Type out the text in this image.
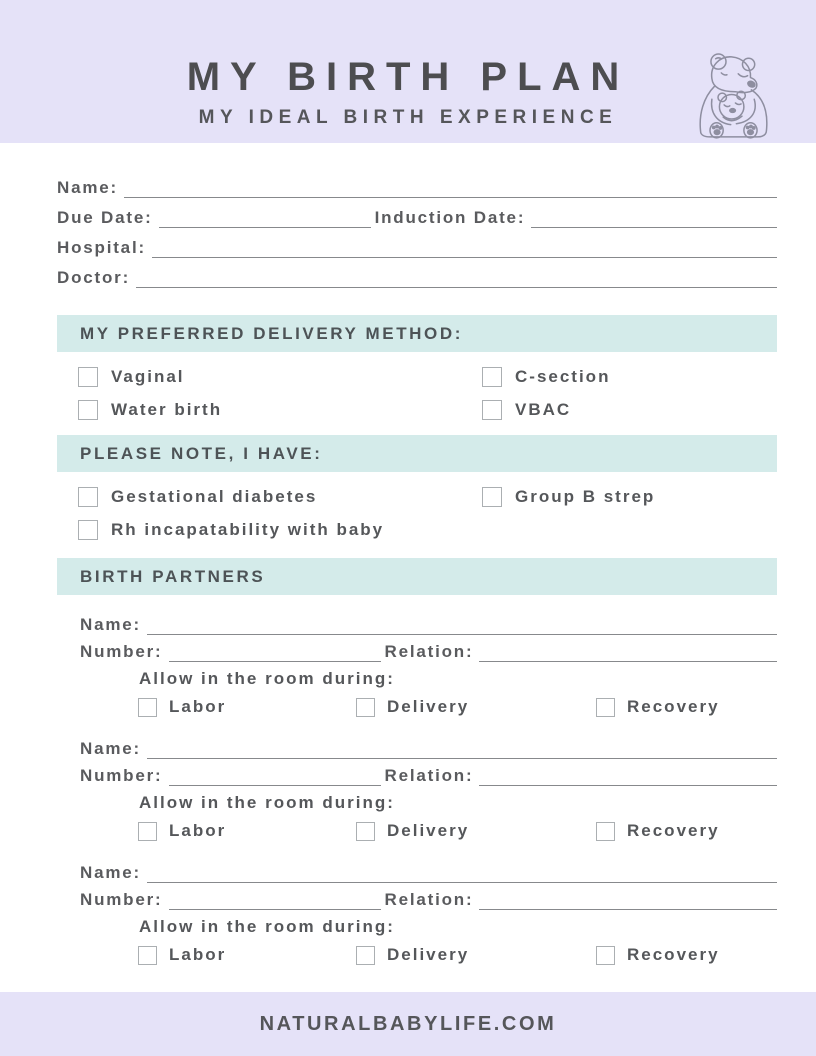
MY BIRTH PLAN
MY IDEAL BIRTH EXPERIENCE
Name:
Due Date:	Induction Date:
Hospital:
Doctor:
MY PREFERRED DELIVERY METHOD:
Vaginal	C-section
Water birth	VBAC
PLEASE NOTE, I HAVE:
Gestational diabetes	Group B strep
Rh incapatability with baby
BIRTH PARTNERS
Name:
Number:	Relation:
Allow in the room during:
Labor	Delivery	Recovery
Name:
Number:	Relation:
Allow in the room during:
Labor	Delivery	Recovery
Name:
Number:	Relation:
Allow in the room during:
Labor	Delivery	Recovery
NATURALBABYLIFE.COM
